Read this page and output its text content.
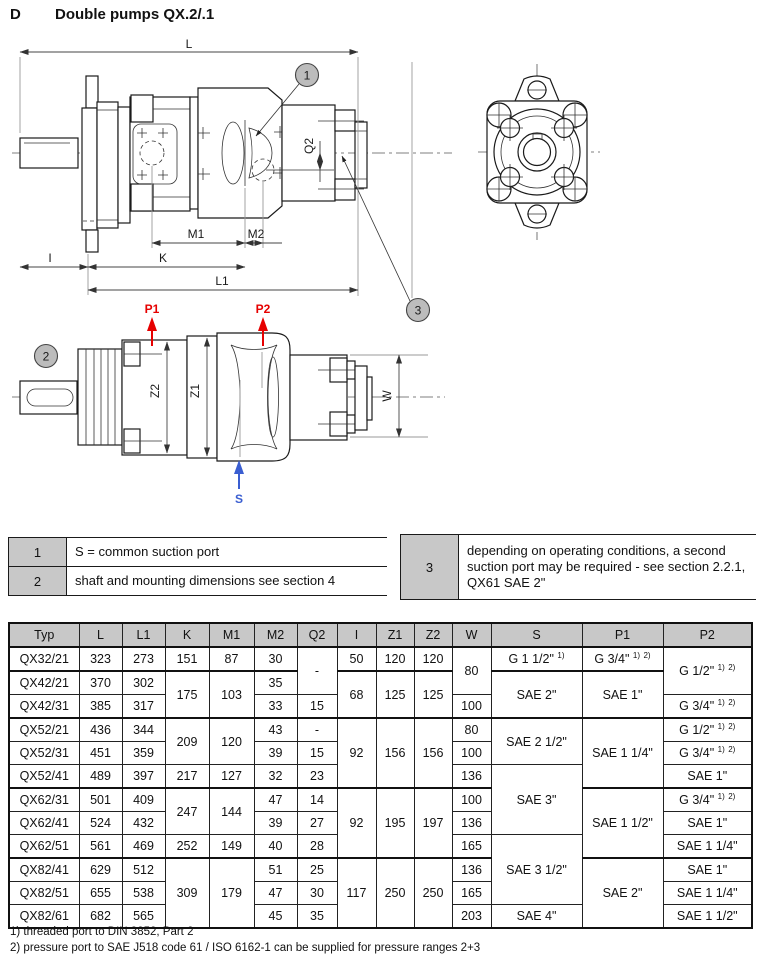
D Double pumps QX.2/.1
L
M1	M2
I	K
L1
Q2
1
3
Z2 Z1	W
P1	P2
S
2
1	S = common suction port
2	shaft and mounting dimensions see section 4
3	depending on operating conditions, a second suction port may be required - see section 2.2.1, QX61 SAE 2"
Typ	L	L1	K	M1	M2	Q2	I	Z1	Z2	W	S	P1	P2
QX32/21	323	273	151	87	30	-	50	120	120	80	G 1 1/2" $^{1)}$	G 3/4" $^{1)}$ $^{2)}$	G 1/2" $^{1)}$ $^{2)}$
QX42/21	370	302	175	103	35		68	125	125		SAE 2"	SAE 1"	
QX42/31	385	317			33	15				100			G 3/4" $^{1)}$ $^{2)}$
QX52/21	436	344	209	120	43	-	92	156	156	80	SAE 2 1/2"	SAE 1 1/4"	G 1/2" $^{1)}$ $^{2)}$
QX52/31	451	359			39	15				100			G 3/4" $^{1)}$ $^{2)}$
QX52/41	489	397	217	127	32	23				136	SAE 3"		SAE 1"
QX62/31	501	409	247	144	47	14	92	195	197	100		SAE 1 1/2"	G 3/4" $^{1)}$ $^{2)}$
QX62/41	524	432			39	27				136			SAE 1"
QX62/51	561	469	252	149	40	28				165	SAE 3 1/2"		SAE 1 1/4"
QX82/41	629	512	309	179	51	25	117	250	250	136		SAE 2"	SAE 1"
QX82/51	655	538			47	30				165			SAE 1 1/4"
QX82/61	682	565			45	35				203	SAE 4"		SAE 1 1/2"
1) threaded port to DIN 3852, Part 2
2) pressure port to SAE J518 code 61 / ISO 6162-1 can be supplied for pressure ranges 2+3
